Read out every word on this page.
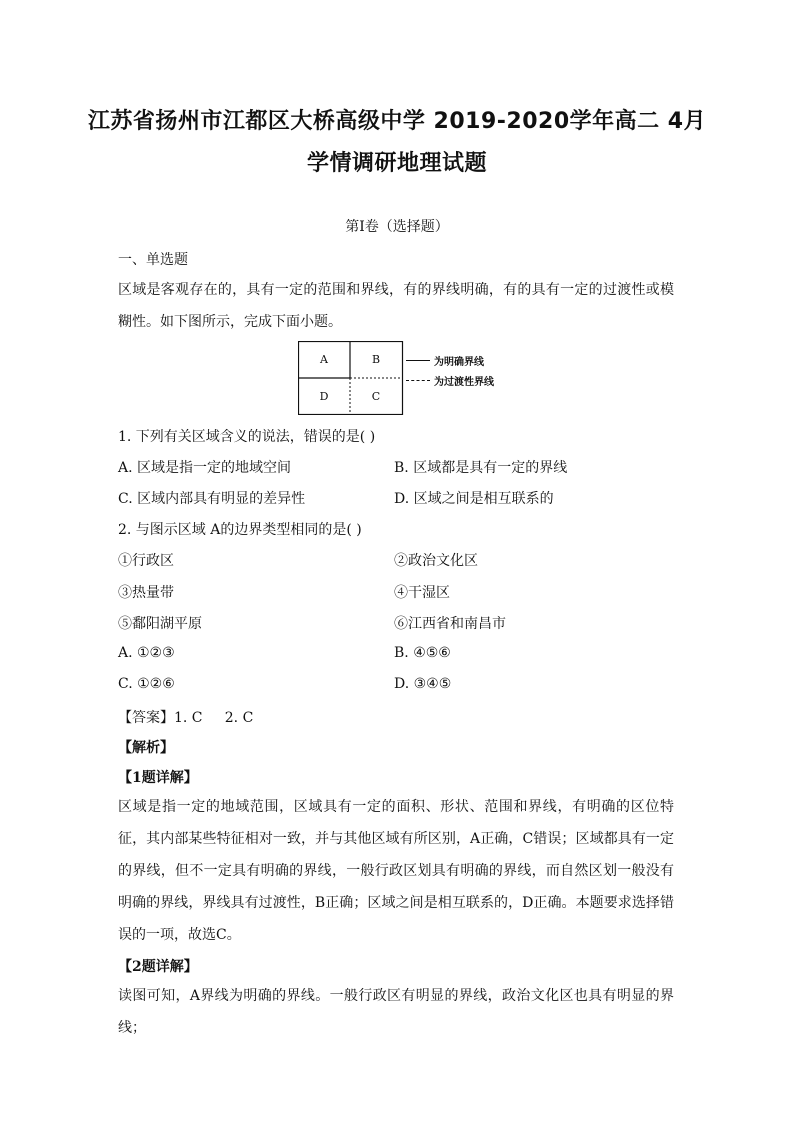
江苏省扬州市江都区大桥高级中学 2019-2020学年高二 4月
学情调研地理试题
第Ⅰ卷（选择题）
一、单选题
区域是客观存在的，具有一定的范围和界线，有的界线明确，有的具有一定的过渡性或模糊性。如下图所示，完成下面小题。
A	B
D	C
为明确界线
为过渡性界线
1. 下列有关区域含义的说法，错误的是( )
A. 区域是指一定的地域空间	B. 区域都是具有一定的界线
C. 区域内部具有明显的差异性	D. 区域之间是相互联系的
2. 与图示区域 A的边界类型相同的是( )
①行政区	②政治文化区
③热量带	④干湿区
⑤鄱阳湖平原	⑥江西省和南昌市
A. ①②③	B. ④⑤⑥
C. ①②⑥	D. ③④⑤
【答案】1. C     2. C
【解析】
【1题详解】
区域是指一定的地域范围，区域具有一定的面积、形状、范围和界线，有明确的区位特征，其内部某些特征相对一致，并与其他区域有所区别，A正确，C错误；区域都具有一定的界线，但不一定具有明确的界线，一般行政区划具有明确的界线，而自然区划一般没有明确的界线，界线具有过渡性，B正确；区域之间是相互联系的，D正确。本题要求选择错误的一项，故选C。
【2题详解】
读图可知，A界线为明确的界线。一般行政区有明显的界线，政治文化区也具有明显的界线；
